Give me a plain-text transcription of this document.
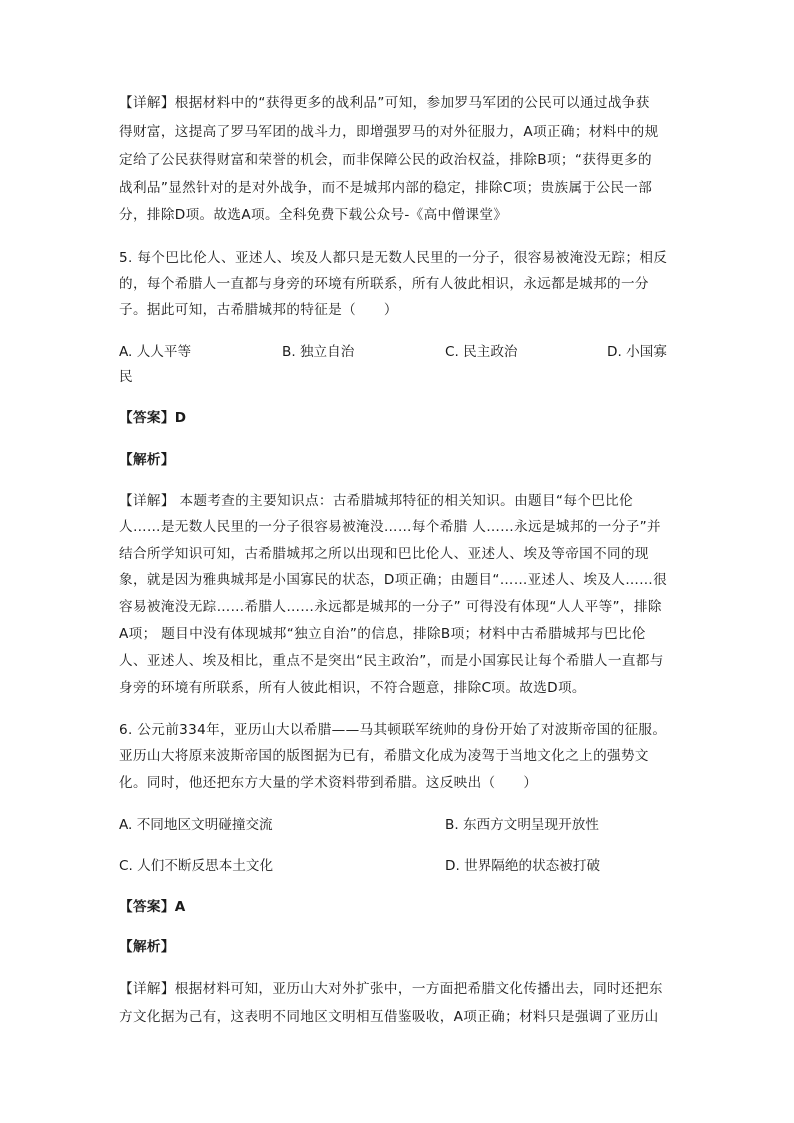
【详解】根据材料中的“获得更多的战利品”可知，参加罗马军团的公民可以通过战争获
得财富，这提高了罗马军团的战斗力，即增强罗马的对外征服力，A项正确；材料中的规
定给了公民获得财富和荣誉的机会，而非保障公民的政治权益，排除B项；“获得更多的
战利品”显然针对的是对外战争，而不是城邦内部的稳定，排除C项；贵族属于公民一部
分，排除D项。故选A项。全科免费下载公众号-《高中僧课堂》
5. 每个巴比伦人、亚述人、埃及人都只是无数人民里的一分子，很容易被淹没无踪；相反
的，每个希腊人一直都与身旁的环境有所联系，所有人彼此相识，永远都是城邦的一分
子。据此可知，古希腊城邦的特征是（　　）
A. 人人平等	B. 独立自治	C. 民主政治	D. 小国寡
民
【答案】D
【解析】
【详解】 本题考查的主要知识点：古希腊城邦特征的相关知识。由题目“每个巴比伦
人……是无数人民里的一分子很容易被淹没……每个希腊 人……永远是城邦的一分子”并
结合所学知识可知，古希腊城邦之所以出现和巴比伦人、亚述人、埃及等帝国不同的现
象，就是因为雅典城邦是小国寡民的状态，D项正确；由题目“……亚述人、埃及人……很
容易被淹没无踪……希腊人……永远都是城邦的一分子” 可得没有体现“人人平等”，排除
A项； 题目中没有体现城邦“独立自治”的信息，排除B项；材料中古希腊城邦与巴比伦
人、亚述人、埃及相比，重点不是突出“民主政治”，而是小国寡民让每个希腊人一直都与
身旁的环境有所联系，所有人彼此相识，不符合题意，排除C项。故选D项。
6. 公元前334年，亚历山大以希腊——马其顿联军统帅的身份开始了对波斯帝国的征服。
亚历山大将原来波斯帝国的版图据为已有，希腊文化成为凌驾于当地文化之上的强势文
化。同时，他还把东方大量的学术资料带到希腊。这反映出（　　）
A. 不同地区文明碰撞交流	B. 东西方文明呈现开放性
C. 人们不断反思本土文化	D. 世界隔绝的状态被打破
【答案】A
【解析】
【详解】根据材料可知，亚历山大对外扩张中，一方面把希腊文化传播出去，同时还把东
方文化据为己有，这表明不同地区文明相互借鉴吸收，A项正确；材料只是强调了亚历山
